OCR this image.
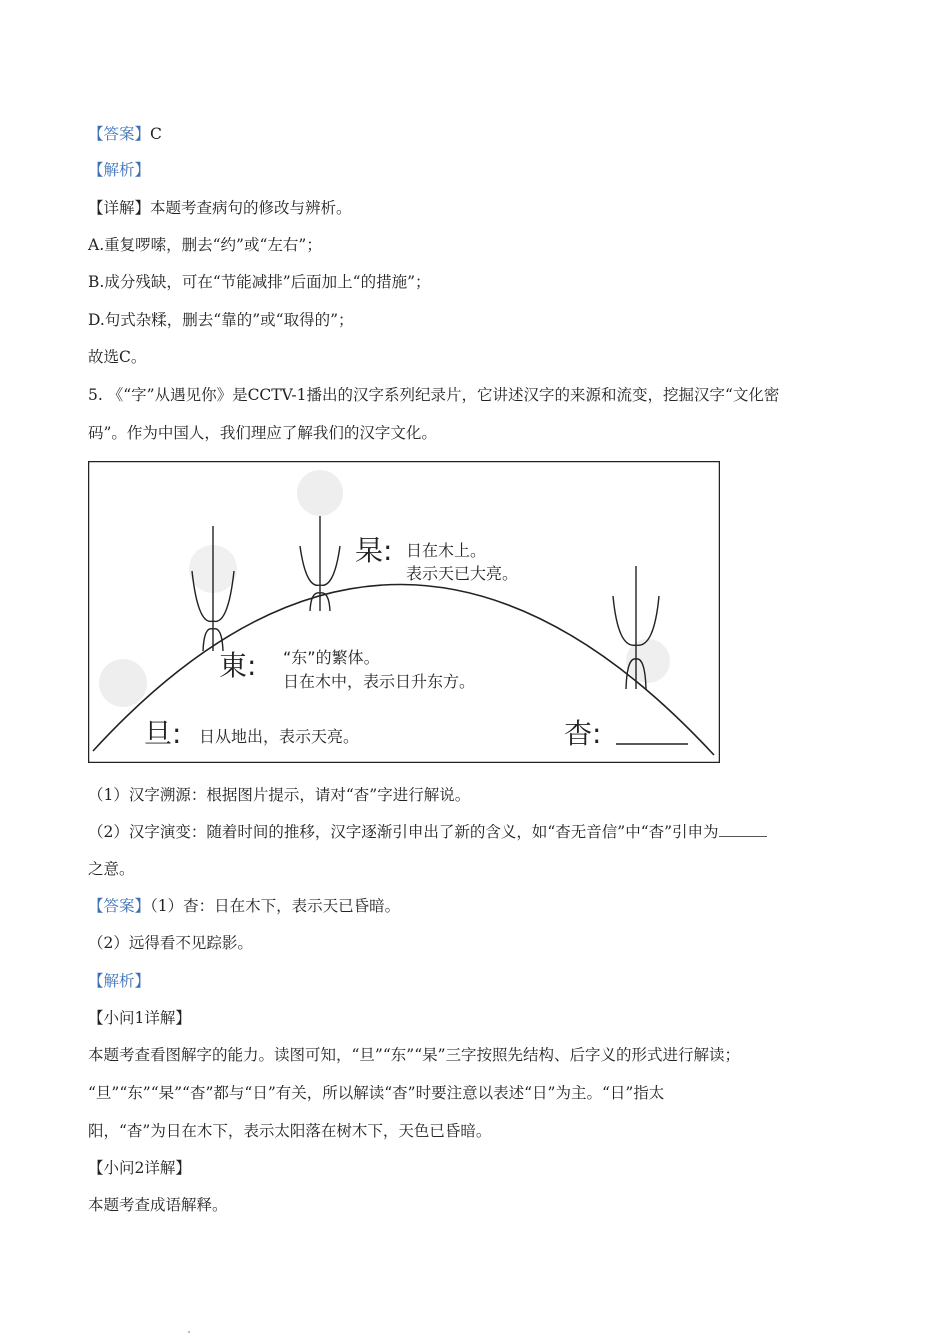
【答案】C
【解析】
【详解】本题考查病句的修改与辨析。
A.重复啰嗦，删去“约”或“左右”；
B.成分残缺，可在“节能减排”后面加上“的措施”；
D.句式杂糅，删去“靠的”或“取得的”；
故选C。
5. 《“字”从遇见你》是CCTV-1播出的汉字系列纪录片，它讲述汉字的来源和流变，挖掘汉字“文化密
码”。作为中国人，我们理应了解我们的汉字文化。
杲: 日在木上。
表示天已大亮。
東: “东”的繁体。
日在木中，表示日升东方。
旦: 日从地出，表示天亮。	杳:
（1）汉字溯源：根据图片提示，请对“杳”字进行解说。
（2）汉字演变：随着时间的推移，汉字逐渐引申出了新的含义，如“杳无音信”中“杳”引申为
之意。
【答案】（1）杳：日在木下，表示天已昏暗。
（2）远得看不见踪影。
【解析】
【小问1详解】
本题考查看图解字的能力。读图可知，“旦”“东”“杲”三字按照先结构、后字义的形式进行解读；
“旦”“东”“杲”“杳”都与“日”有关，所以解读“杳”时要注意以表述“日”为主。“日”指太
阳，“杳”为日在木下，表示太阳落在树木下，天色已昏暗。
【小问2详解】
本题考查成语解释。
